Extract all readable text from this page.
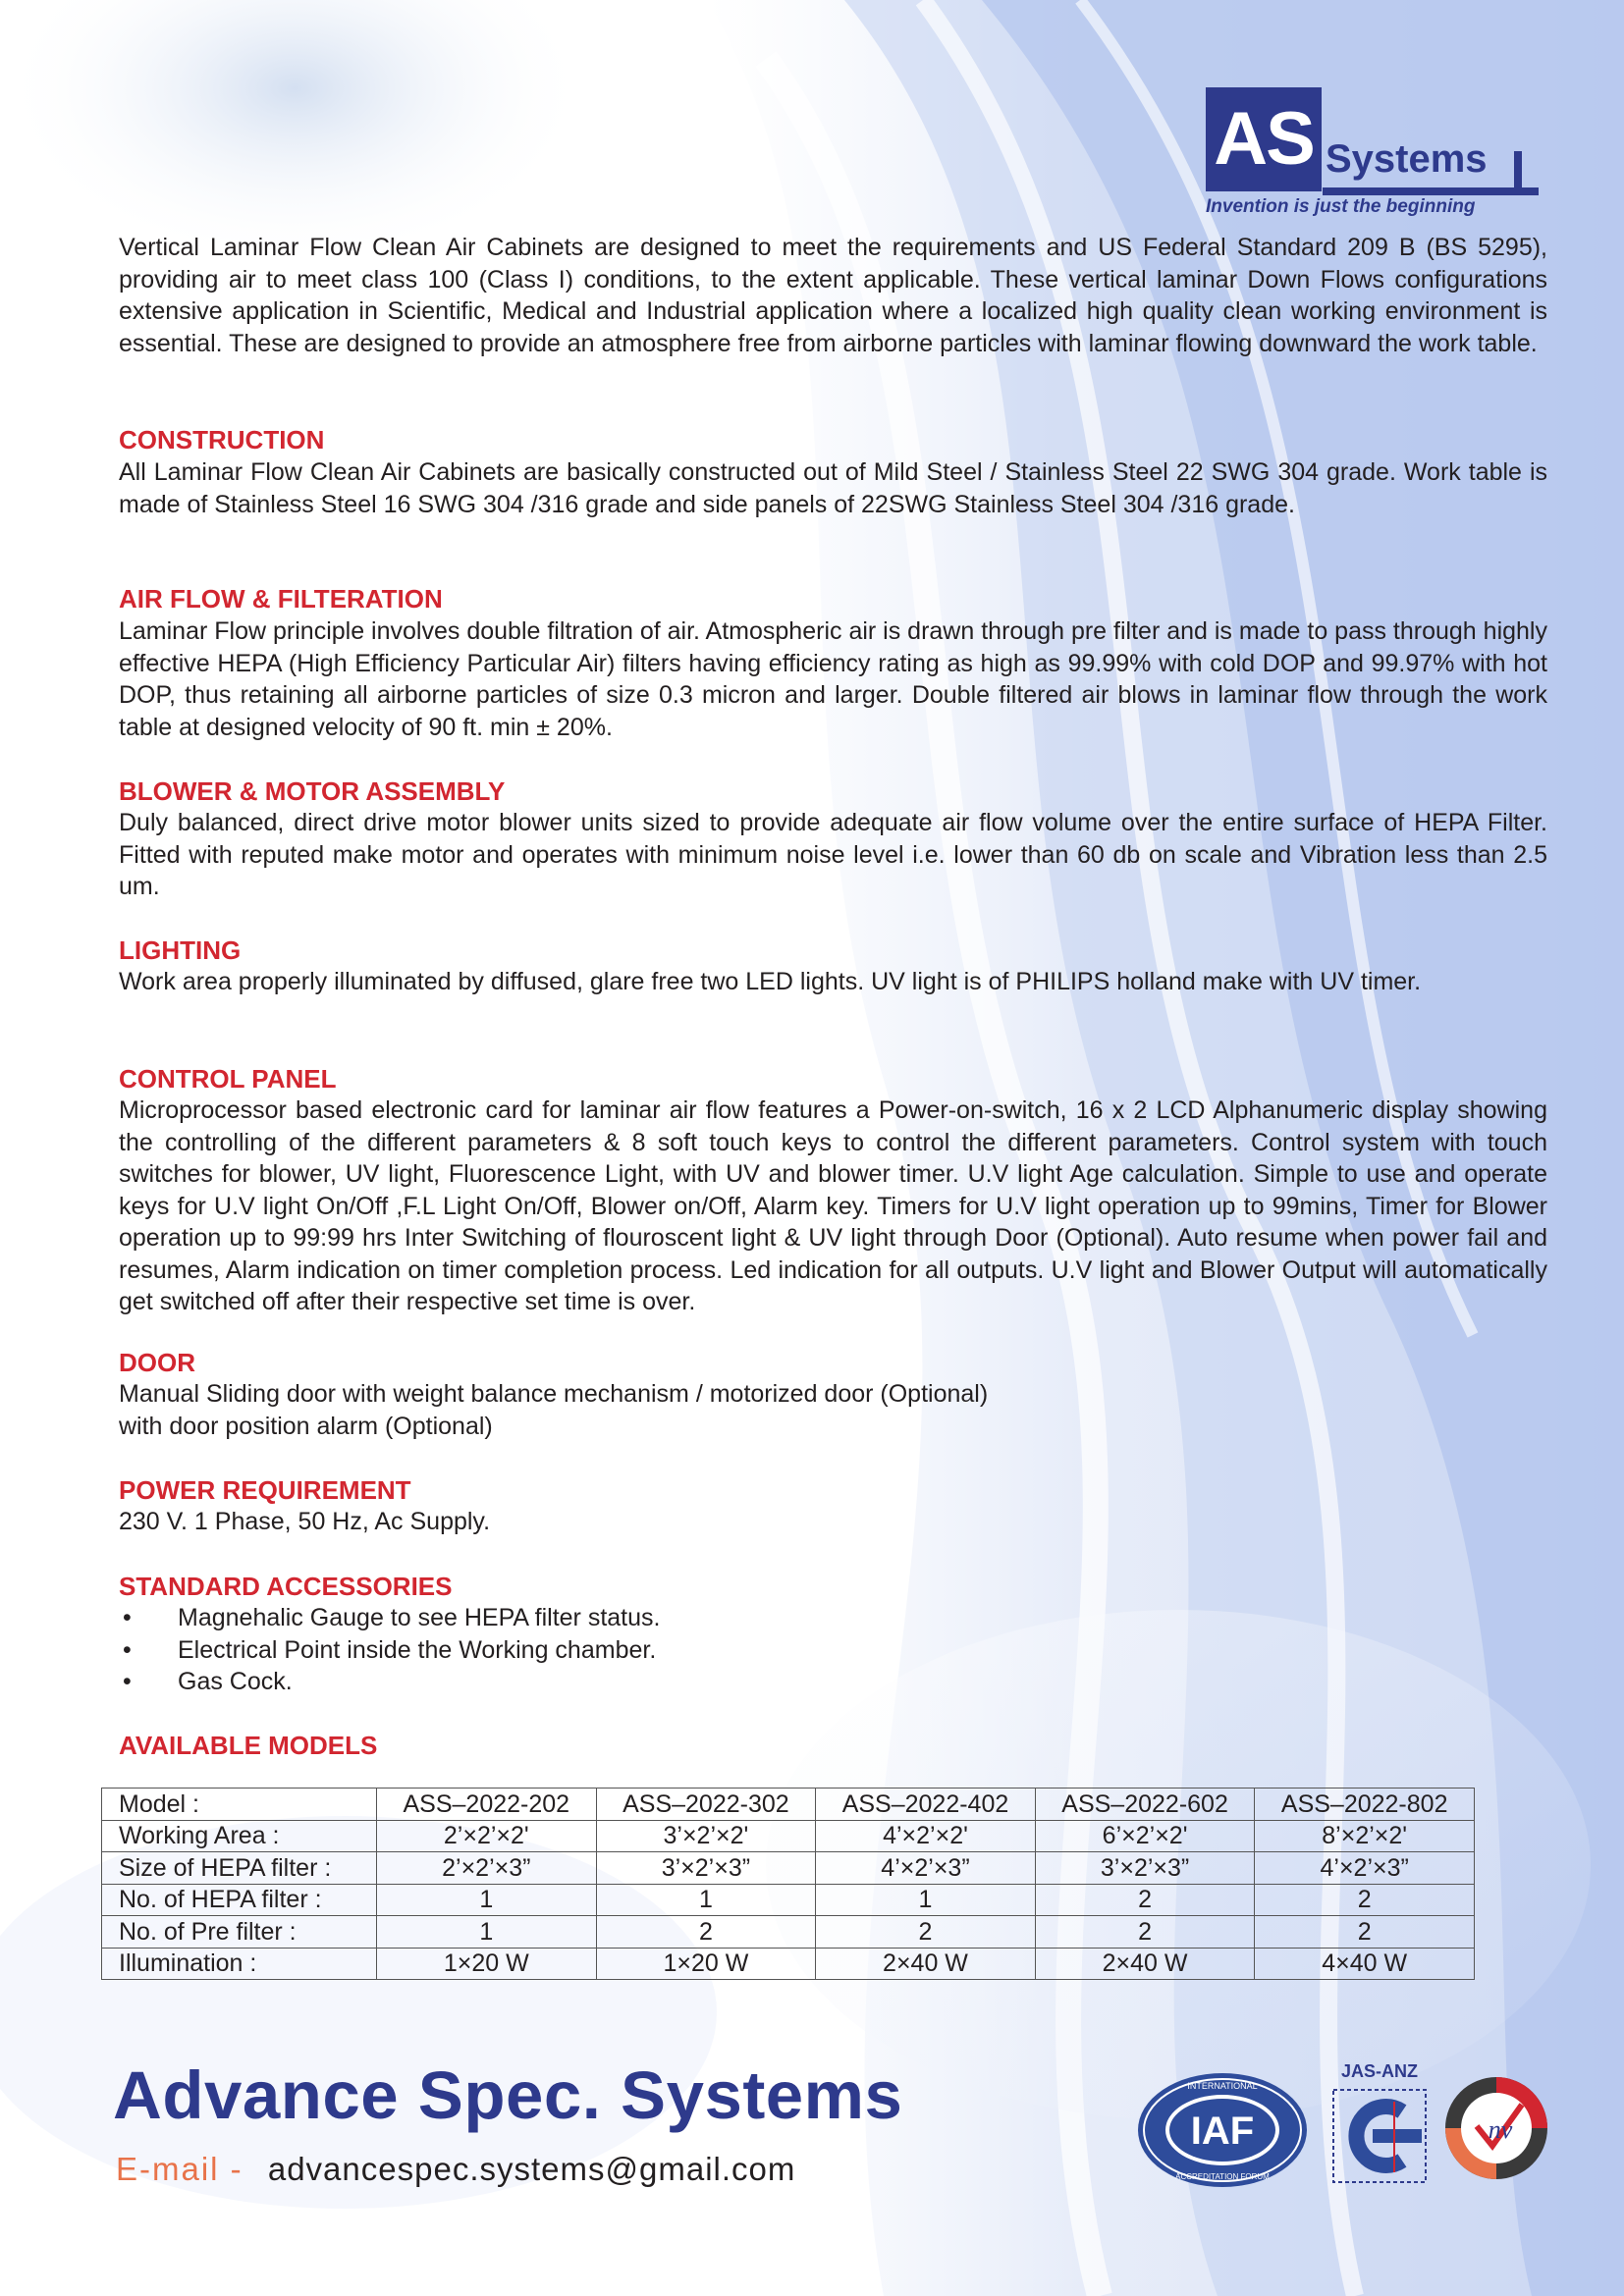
AS Systems
Invention is just the beginning

Vertical Laminar Flow Clean Air Cabinets are designed to meet the requirements and US Federal Standard 209 B (BS 5295), providing air to meet class 100 (Class I) conditions, to the extent applicable. These vertical laminar Down Flows configurations extensive application in Scientific, Medical and Industrial application where a localized high quality clean working environment is essential. These are designed to provide an atmosphere free from airborne particles with laminar flowing downward the work table.

CONSTRUCTION

All Laminar Flow Clean Air Cabinets are basically constructed out of Mild Steel / Stainless Steel 22 SWG 304 grade. Work table is made of Stainless Steel 16 SWG 304 /316 grade and side panels of 22SWG Stainless Steel 304 /316 grade.

AIR FLOW & FILTERATION

Laminar Flow principle involves double filtration of air. Atmospheric air is drawn through pre filter and is made to pass through highly effective HEPA (High Efficiency Particular Air) filters having efficiency rating as high as 99.99% with cold DOP and 99.97% with hot DOP, thus retaining all airborne particles of size 0.3 micron and larger. Double filtered air blows in laminar flow through the work table at designed velocity of 90 ft. min ± 20%.

BLOWER & MOTOR ASSEMBLY

Duly balanced, direct drive motor blower units sized to provide adequate air flow volume over the entire surface of HEPA Filter. Fitted with reputed make motor and operates with minimum noise level i.e. lower than 60 db on scale and Vibration less than 2.5 um.

LIGHTING

Work area properly illuminated by diffused, glare free two LED lights. UV light is of PHILIPS holland make with UV timer.

CONTROL PANEL

Microprocessor based electronic card for laminar air flow features a Power-on-switch, 16 x 2 LCD Alphanumeric display showing the controlling of the different parameters & 8 soft touch keys to control the different parameters. Control system with touch switches for blower, UV light, Fluorescence Light, with UV and blower timer. U.V light Age calculation. Simple to use and operate keys for U.V light On/Off ,F.L Light On/Off, Blower on/Off, Alarm key. Timers for U.V light operation up to 99mins, Timer for Blower operation up to 99:99 hrs Inter Switching of flouroscent light & UV light through Door (Optional). Auto resume when power fail and resumes, Alarm indication on timer completion process. Led indication for all outputs. U.V light and Blower Output will automatically get switched off after their respective set time is over.

DOOR

Manual Sliding door with weight balance mechanism / motorized door (Optional)
with door position alarm (Optional)

POWER REQUIREMENT

230 V. 1 Phase, 50 Hz, Ac Supply.

STANDARD ACCESSORIES
• Magnehalic Gauge to see HEPA filter status.
• Electrical Point inside the Working chamber.
• Gas Cock.
AVAILABLE MODELS
Model :	ASS–2022-202	ASS–2022-302	ASS–2022-402	ASS–2022-602	ASS–2022-802
Working Area :	2’×2’×2'	3’×2’×2'	4’×2’×2'	6’×2’×2'	8’×2’×2'
Size of HEPA filter :	2’×2’×3”	3’×2’×3”	4’×2’×3”	3’×2’×3”	4’×2’×3”
No. of HEPA filter :	1	1	1	2	2
No. of Pre filter :	1	2	2	2	2
Illumination :	1×20 W	1×20 W	2×40 W	2×40 W	4×40 W
Advance Spec. Systems
E-mail - advancespec.systems@gmail.com
IAF
INTERNATIONAL
ACCREDITATION FORUM
JAS-ANZ
nv
